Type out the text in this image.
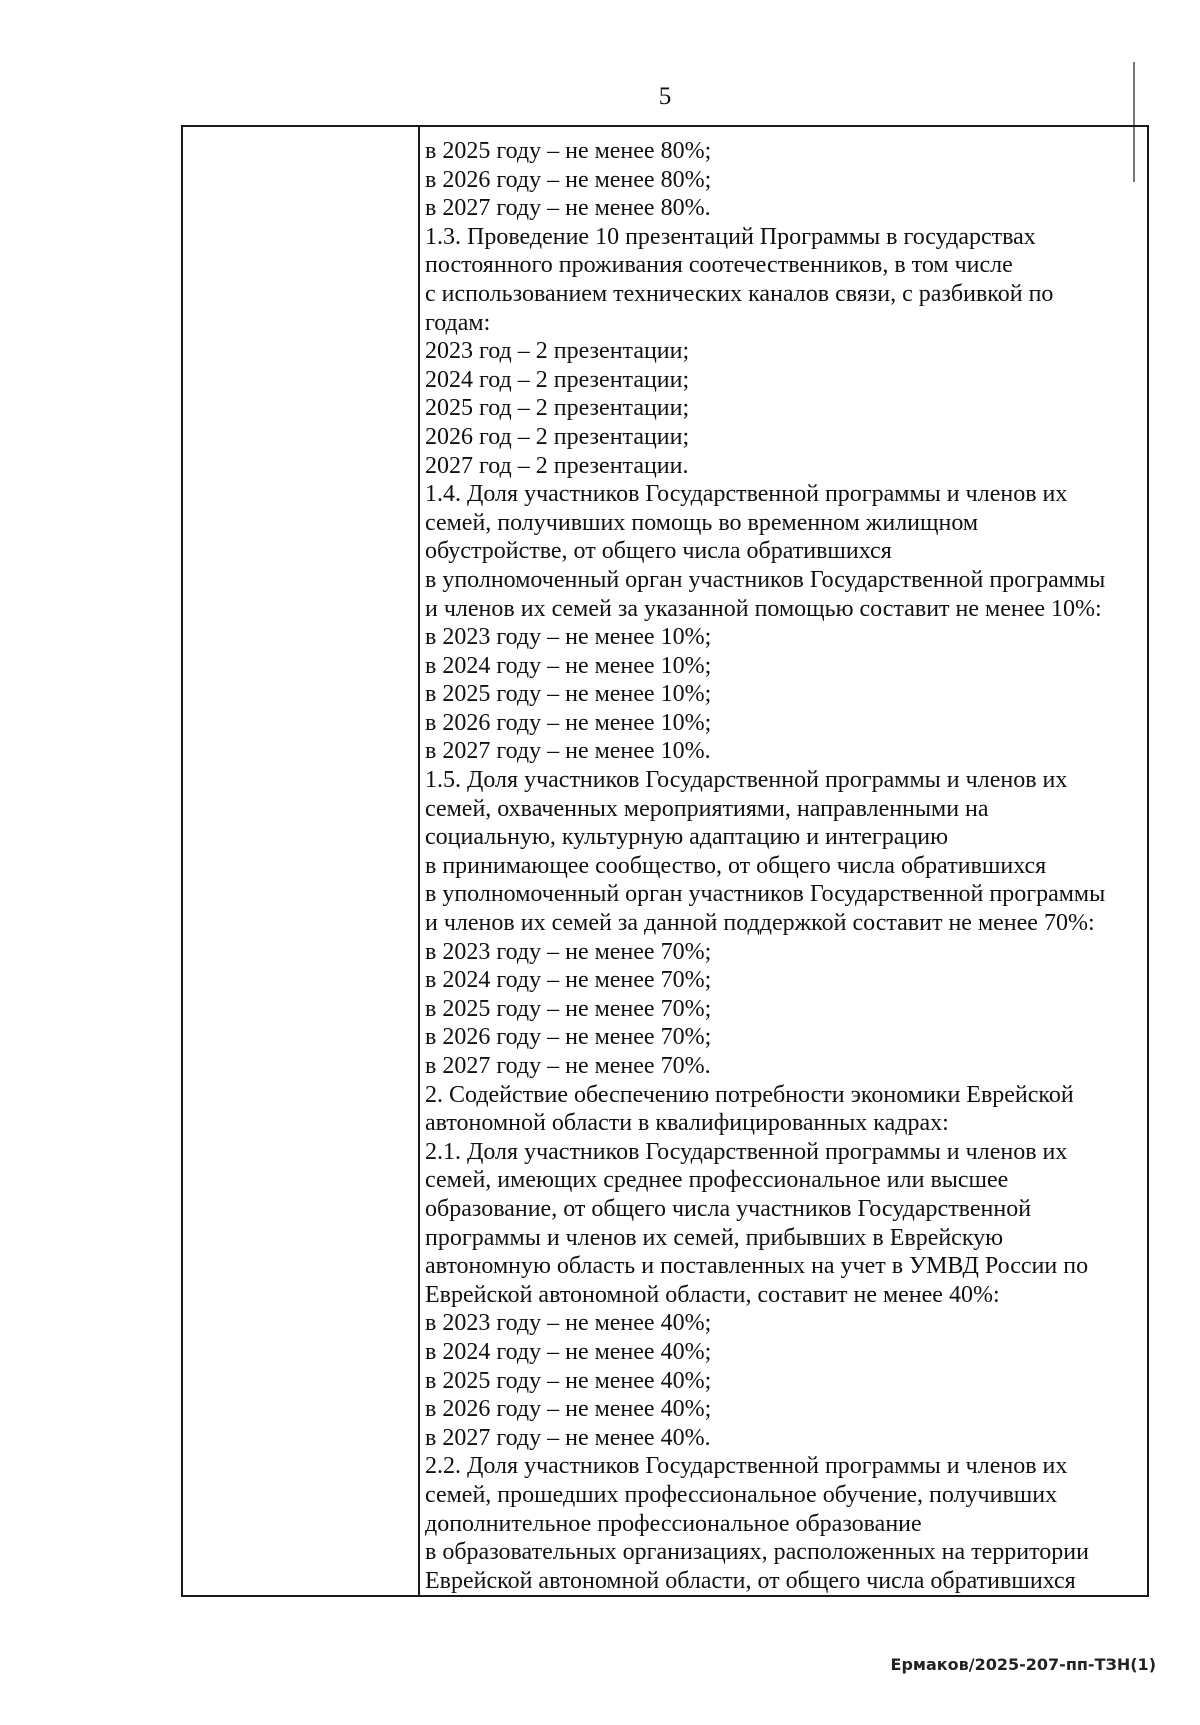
5
в 2025 году – не менее 80%;
в 2026 году – не менее 80%;
в 2027 году – не менее 80%.
1.3. Проведение 10 презентаций Программы в государствах
постоянного проживания соотечественников, в том числе
с использованием технических каналов связи, с разбивкой по
годам:
2023 год – 2 презентации;
2024 год – 2 презентации;
2025 год – 2 презентации;
2026 год – 2 презентации;
2027 год – 2 презентации.
1.4. Доля участников Государственной программы и членов их
семей, получивших помощь во временном жилищном
обустройстве, от общего числа обратившихся
в уполномоченный орган участников Государственной программы
и членов их семей за указанной помощью составит не менее 10%:
в 2023 году – не менее 10%;
в 2024 году – не менее 10%;
в 2025 году – не менее 10%;
в 2026 году – не менее 10%;
в 2027 году – не менее 10%.
1.5. Доля участников Государственной программы и членов их
семей, охваченных мероприятиями, направленными на
социальную, культурную адаптацию и интеграцию
в принимающее сообщество, от общего числа обратившихся
в уполномоченный орган участников Государственной программы
и членов их семей за данной поддержкой составит не менее 70%:
в 2023 году – не менее 70%;
в 2024 году – не менее 70%;
в 2025 году – не менее 70%;
в 2026 году – не менее 70%;
в 2027 году – не менее 70%.
2. Содействие обеспечению потребности экономики Еврейской
автономной области в квалифицированных кадрах:
2.1. Доля участников Государственной программы и членов их
семей, имеющих среднее профессиональное или высшее
образование, от общего числа участников Государственной
программы и членов их семей, прибывших в Еврейскую
автономную область и поставленных на учет в УМВД России по
Еврейской автономной области, составит не менее 40%:
в 2023 году – не менее 40%;
в 2024 году – не менее 40%;
в 2025 году – не менее 40%;
в 2026 году – не менее 40%;
в 2027 году – не менее 40%.
2.2. Доля участников Государственной программы и членов их
семей, прошедших профессиональное обучение, получивших
дополнительное профессиональное образование
в образовательных организациях, расположенных на территории
Еврейской автономной области, от общего числа обратившихся
Ермаков/2025-207-пп-ТЗН(1)
